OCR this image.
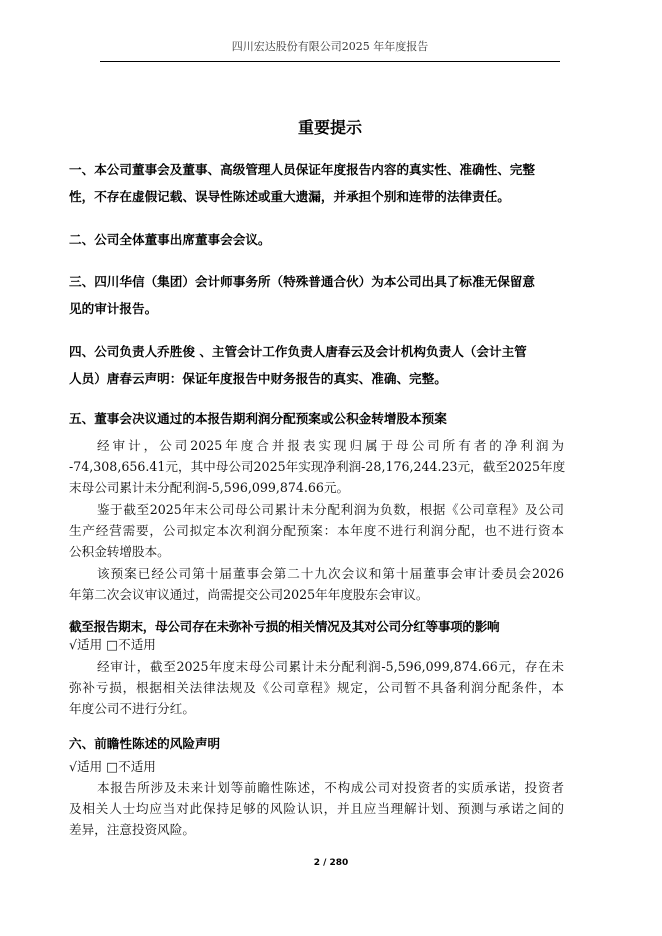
四川宏达股份有限公司2025 年年度报告
重要提示
一、本公司董事会及董事、高级管理人员保证年度报告内容的真实性、准确性、完整
性，不存在虚假记载、误导性陈述或重大遗漏，并承担个别和连带的法律责任。
二、公司全体董事出席董事会会议。
三、四川华信（集团）会计师事务所（特殊普通合伙）为本公司出具了标准无保留意
见的审计报告。
四、公司负责人乔胜俊 、主管会计工作负责人唐春云及会计机构负责人（会计主管
人员）唐春云声明：保证年度报告中财务报告的真实、准确、完整。
五、董事会决议通过的本报告期利润分配预案或公积金转增股本预案
经审计，公司2025年度合并报表实现归属于母公司所有者的净利润为
-74,308,656.41元，其中母公司2025年实现净利润-28,176,244.23元，截至2025年度
末母公司累计未分配利润-5,596,099,874.66元。
鉴于截至2025年末公司母公司累计未分配利润为负数，根据《公司章程》及公司
生产经营需要，公司拟定本次利润分配预案：本年度不进行利润分配，也不进行资本
公积金转增股本。
该预案已经公司第十届董事会第二十九次会议和第十届董事会审计委员会2026
年第二次会议审议通过，尚需提交公司2025年年度股东会审议。
截至报告期末，母公司存在未弥补亏损的相关情况及其对公司分红等事项的影响
√适用 □不适用
经审计，截至2025年度末母公司累计未分配利润-5,596,099,874.66元，存在未
弥补亏损，根据相关法律法规及《公司章程》规定，公司暂不具备利润分配条件，本
年度公司不进行分红。
六、前瞻性陈述的风险声明
√适用 □不适用
本报告所涉及未来计划等前瞻性陈述，不构成公司对投资者的实质承诺，投资者
及相关人士均应当对此保持足够的风险认识，并且应当理解计划、预测与承诺之间的
差异，注意投资风险。
2 / 280
